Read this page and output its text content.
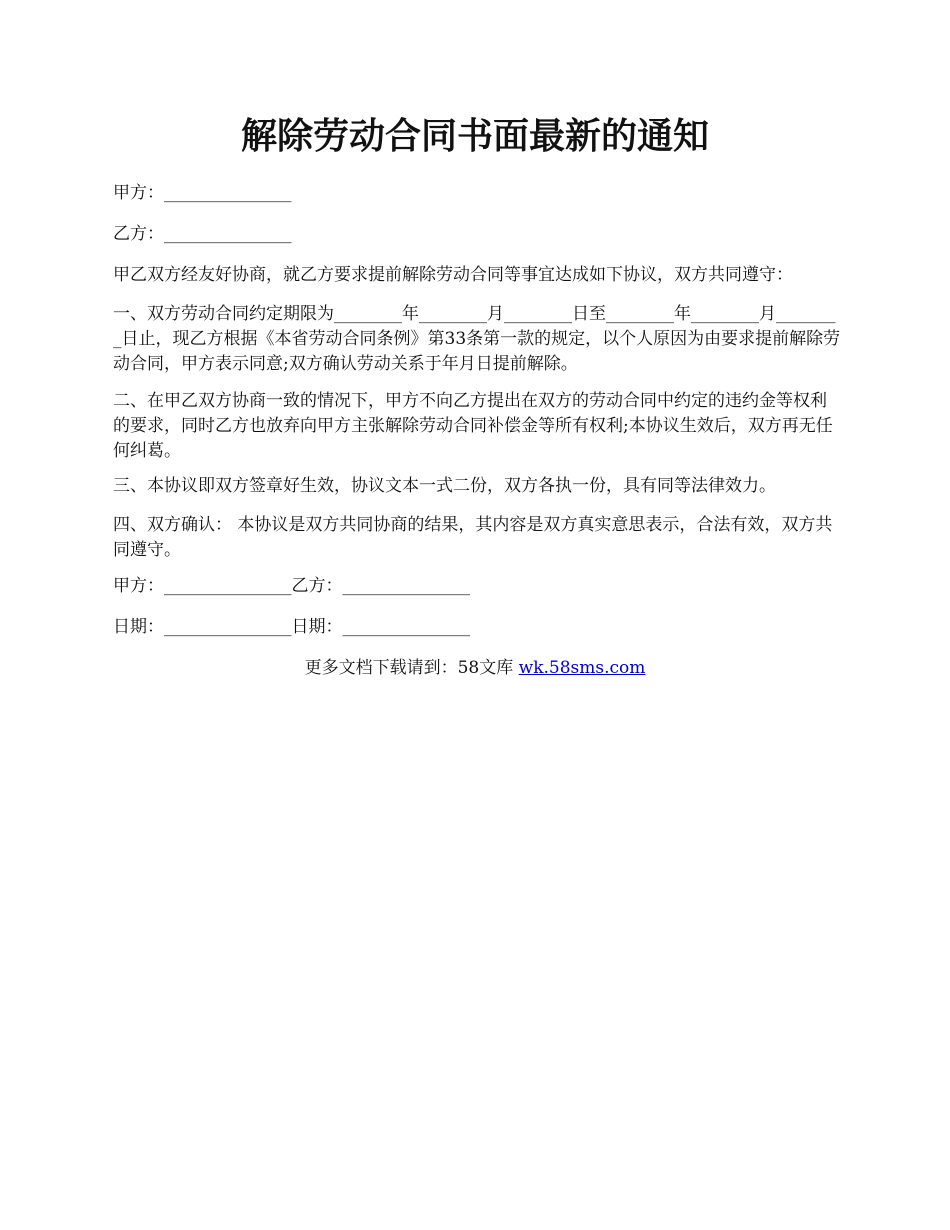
解除劳动合同书面最新的通知

甲方：_______________

乙方：_______________

甲乙双方经友好协商，就乙方要求提前解除劳动合同等事宜达成如下协议，双方共同遵守：

一、双方劳动合同约定期限为________年________月________日至________年________月________日止，现乙方根据《本省劳动合同条例》第33条第一款的规定，以个人原因为由要求提前解除劳动合同，甲方表示同意;双方确认劳动关系于年月日提前解除。

二、在甲乙双方协商一致的情况下，甲方不向乙方提出在双方的劳动合同中约定的违约金等权利的要求，同时乙方也放弃向甲方主张解除劳动合同补偿金等所有权利;本协议生效后，双方再无任何纠葛。

三、本协议即双方签章好生效，协议文本一式二份，双方各执一份，具有同等法律效力。

四、双方确认： 本协议是双方共同协商的结果，其内容是双方真实意思表示，合法有效，双方共同遵守。

甲方：_______________乙方：_______________

日期：_______________日期：_______________

更多文档下载请到：58文库 wk.58sms.com
